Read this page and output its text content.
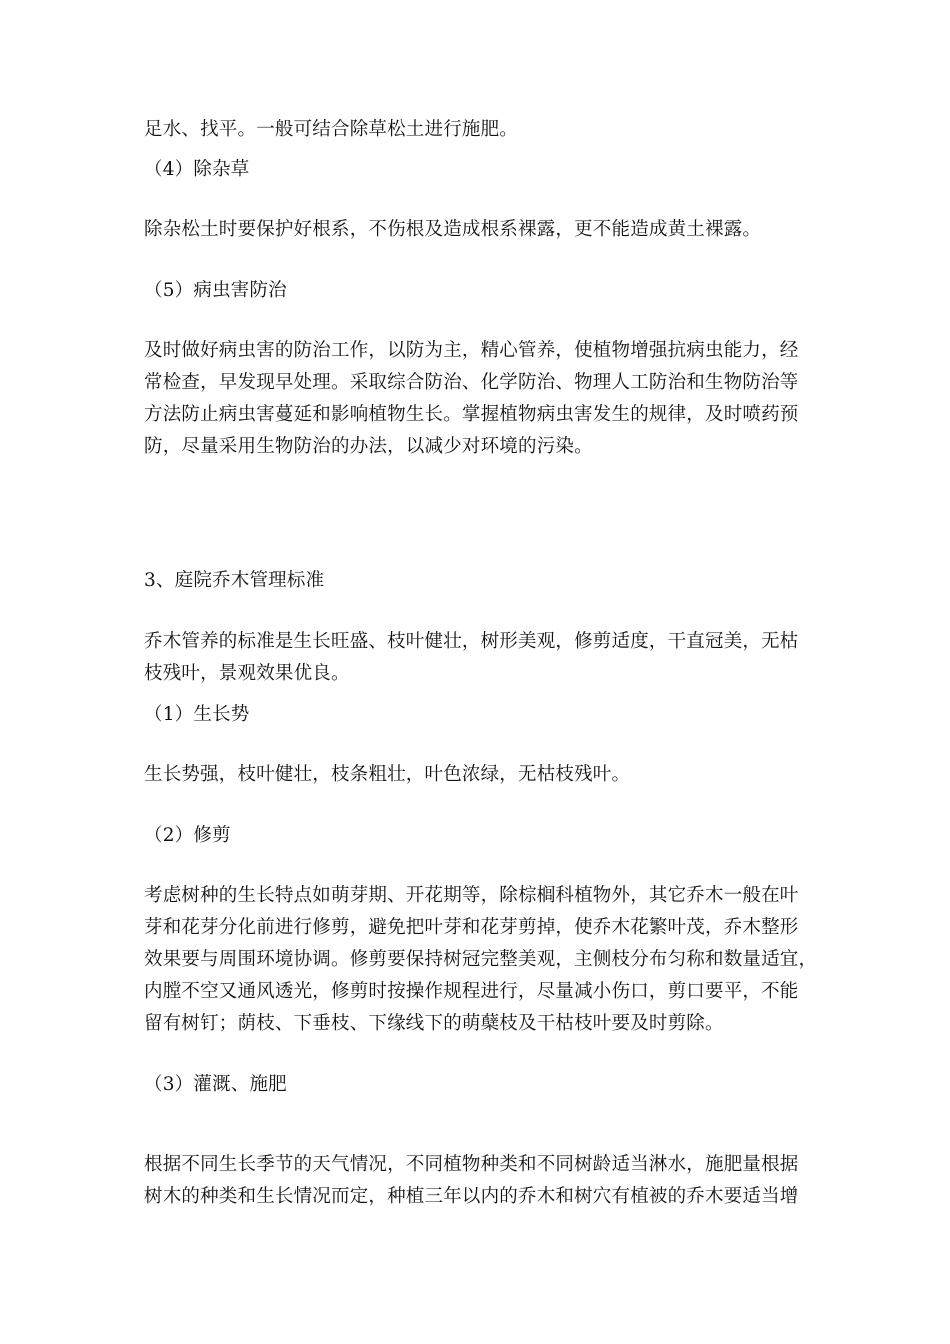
足水、找平。一般可结合除草松土进行施肥。
（4）除杂草
除杂松土时要保护好根系，不伤根及造成根系裸露，更不能造成黄土裸露。
（5）病虫害防治
及时做好病虫害的防治工作，以防为主，精心管养，使植物增强抗病虫能力，经
常检查，早发现早处理。采取综合防治、化学防治、物理人工防治和生物防治等
方法防止病虫害蔓延和影响植物生长。掌握植物病虫害发生的规律，及时喷药预
防，尽量采用生物防治的办法，以减少对环境的污染。
3、庭院乔木管理标准
乔木管养的标准是生长旺盛、枝叶健壮，树形美观，修剪适度，干直冠美，无枯
枝残叶，景观效果优良。
（1）生长势
生长势强，枝叶健壮，枝条粗壮，叶色浓绿，无枯枝残叶。
（2）修剪
考虑树种的生长特点如萌芽期、开花期等，除棕榈科植物外，其它乔木一般在叶
芽和花芽分化前进行修剪，避免把叶芽和花芽剪掉，使乔木花繁叶茂，乔木整形
效果要与周围环境协调。修剪要保持树冠完整美观，主侧枝分布匀称和数量适宜，
内膛不空又通风透光，修剪时按操作规程进行，尽量减小伤口，剪口要平，不能
留有树钉；荫枝、下垂枝、下缘线下的萌蘖枝及干枯枝叶要及时剪除。
（3）灌溉、施肥
根据不同生长季节的天气情况，不同植物种类和不同树龄适当淋水，施肥量根据
树木的种类和生长情况而定，种植三年以内的乔木和树穴有植被的乔木要适当增
